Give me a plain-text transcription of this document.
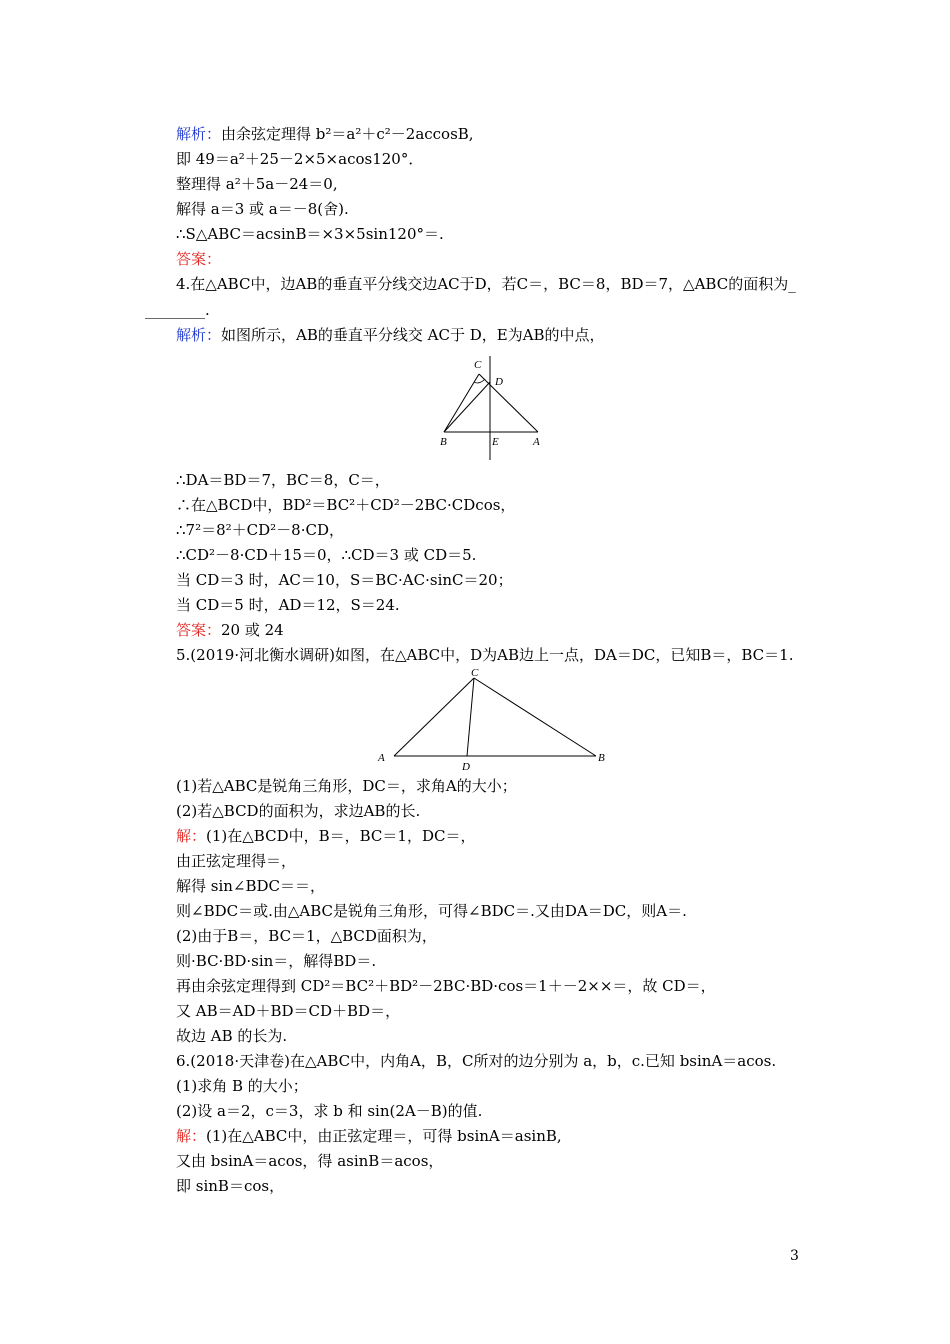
解析：由余弦定理得 b²＝a²＋c²－2accosB,
即 49＝a²＋25－2×5×acos120°．
整理得 a²＋5a－24＝0,
解得 a＝3 或 a＝－8(舍).
∴S△ABC＝acsinB＝×3×5sin120°＝.
答案：
4.在△ABC中，边AB的垂直平分线交边AC于D，若C＝，BC＝8，BD＝7，△ABC的面积为_
________.
解析：如图所示，AB的垂直平分线交 AC于 D，E为AB的中点，
C
D
B	E	A
∴DA＝BD＝7，BC＝8，C＝，
∴在△BCD中，BD²＝BC²＋CD²－2BC·CDcos，
∴7²＝8²＋CD²－8·CD，
∴CD²－8·CD＋15＝0，∴CD＝3 或 CD＝5.
当 CD＝3 时，AC＝10，S＝BC·AC·sinC＝20；
当 CD＝5 时，AD＝12，S＝24.
答案：20 或 24
5.(2019·河北衡水调研)如图，在△ABC中，D为AB边上一点，DA＝DC，已知B＝，BC＝1.
C
A
D
B
(1)若△ABC是锐角三角形，DC＝，求角A的大小；
(2)若△BCD的面积为，求边AB的长.
解：(1)在△BCD中，B＝，BC＝1，DC＝，
由正弦定理得＝，
解得 sin∠BDC＝＝，
则∠BDC＝或.由△ABC是锐角三角形，可得∠BDC＝.又由DA＝DC，则A＝.
(2)由于B＝，BC＝1，△BCD面积为，
则·BC·BD·sin＝，解得BD＝.
再由余弦定理得到 CD²＝BC²＋BD²－2BC·BD·cos＝1＋－2××＝，故 CD＝，
又 AB＝AD＋BD＝CD＋BD＝，
故边 AB 的长为.
6.(2018·天津卷)在△ABC中，内角A，B，C所对的边分别为 a，b，c.已知 bsinA＝acos.
(1)求角 B 的大小；
(2)设 a＝2，c＝3，求 b 和 sin(2A－B)的值.
解：(1)在△ABC中，由正弦定理＝，可得 bsinA＝asinB,
又由 bsinA＝acos，得 asinB＝acos，
即 sinB＝cos，
3
